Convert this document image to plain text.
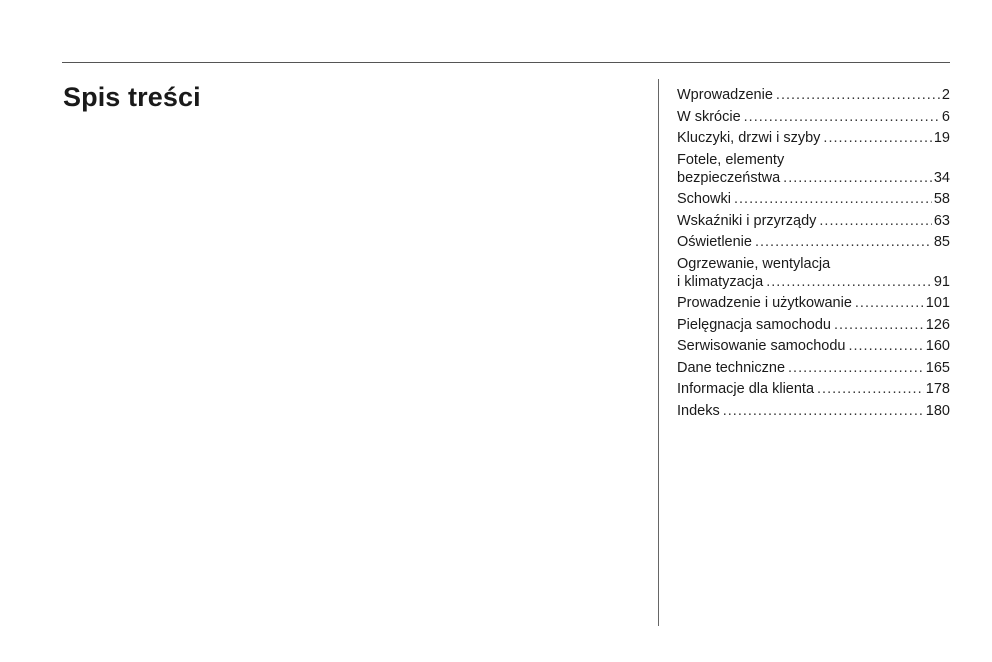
Spis treści	Wprowadzenie .....	2
W skrócie .....	6
Kluczyki, drzwi i szyby .....	19
Fotele, elementy
bezpieczeństwa .....	34
Schowki .....	58
Wskaźniki i przyrządy .....	63
Oświetlenie .....	85
Ogrzewanie, wentylacja
i klimatyzacja .....	91
Prowadzenie i użytkowanie .....	101
Pielęgnacja samochodu .....	126
Serwisowanie samochodu .....	160
Dane techniczne .....	165
Informacje dla klienta .....	178
Indeks .....	180
